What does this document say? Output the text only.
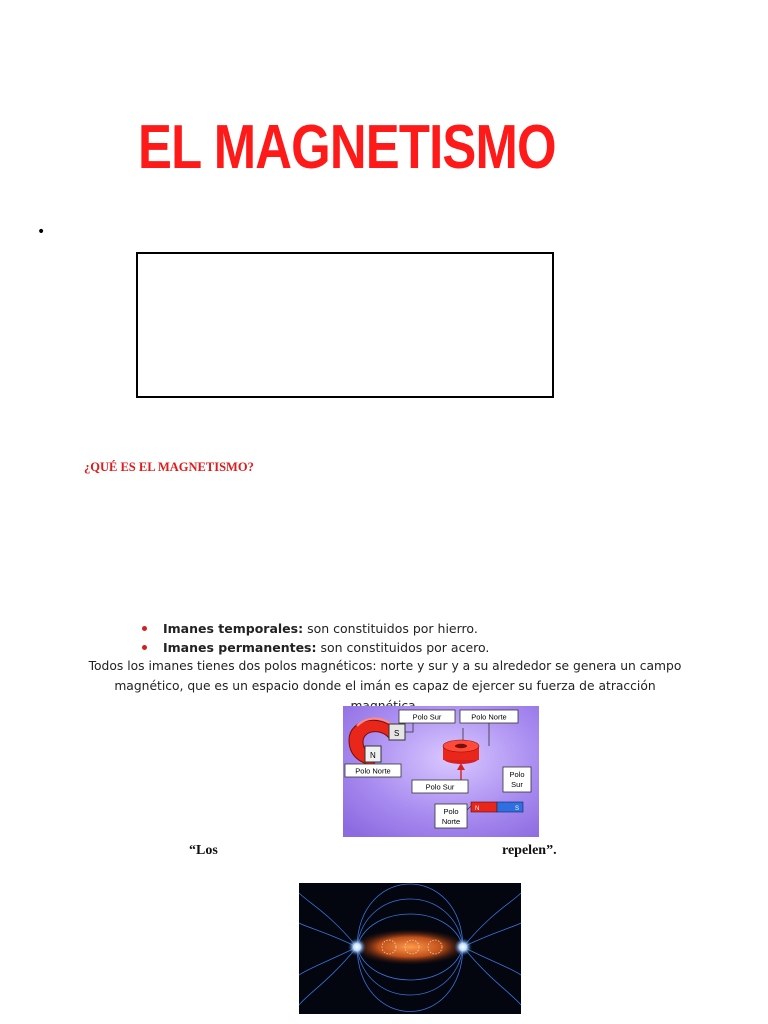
EL MAGNETISMO
•
¿QUÉ ES EL MAGNETISMO?
Imanes temporales: son constituidos por hierro.
Imanes permanentes: son constituidos por acero.

Todos los imanes tienes dos polos magnéticos: norte y sur y a su alrededor se genera un campo magnético, que es un espacio donde el imán es capaz de ejercer su fuerza de atracción

S
N
Polo Sur	Polo Norte
Polo Norte
Polo Sur
Polo
Sur
N	S
Polo
Norte
“Los	repelen”.
